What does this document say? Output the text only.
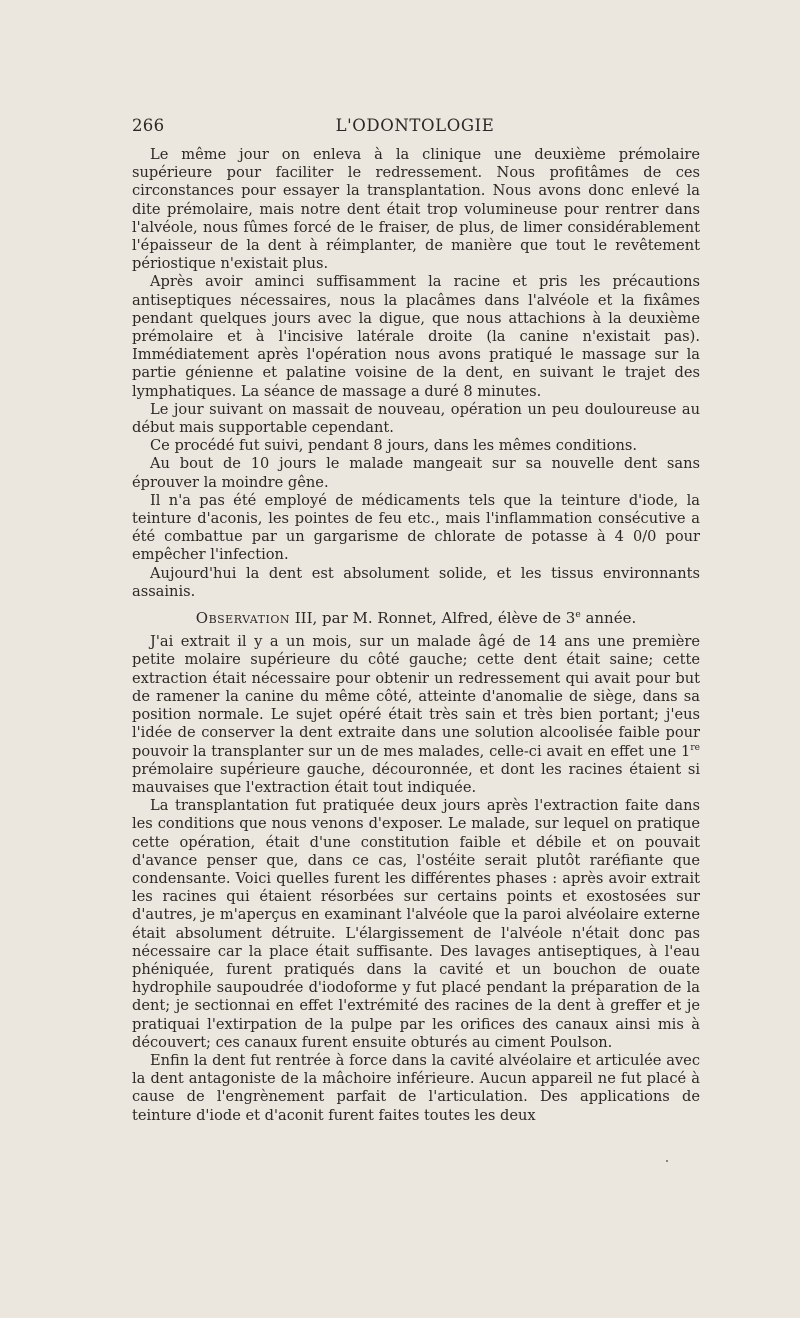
266	L'ODONTOLOGIE

Le même jour on enleva à la clinique une deuxième prémolaire supérieure pour faciliter le redressement. Nous profitâmes de ces circonstances pour essayer la transplantation. Nous avons donc enlevé la dite prémolaire, mais notre dent était trop volumineuse pour rentrer dans l'alvéole, nous fûmes forcé de le fraiser, de plus, de limer considérablement l'épaisseur de la dent à réimplanter, de manière que tout le revêtement périostique n'existait plus.

Après avoir aminci suffisamment la racine et pris les précautions antiseptiques nécessaires, nous la placâmes dans l'alvéole et la fixâmes pendant quelques jours avec la digue, que nous attachions à la deuxième prémolaire et à l'incisive latérale droite (la canine n'existait pas). Immédiatement après l'opération nous avons pratiqué le massage sur la partie génienne et palatine voisine de la dent, en suivant le trajet des lymphatiques. La séance de massage a duré 8 minutes.

Le jour suivant on massait de nouveau, opération un peu douloureuse au début mais supportable cependant.

Ce procédé fut suivi, pendant 8 jours, dans les mêmes conditions.

Au bout de 10 jours le malade mangeait sur sa nouvelle dent sans éprouver la moindre gêne.

Il n'a pas été employé de médicaments tels que la teinture d'iode, la teinture d'aconis, les pointes de feu etc., mais l'inflammation consécutive a été combattue par un gargarisme de chlorate de potasse à 4 0/0 pour empêcher l'infection.

Aujourd'hui la dent est absolument solide, et les tissus environnants assainis.

Observation III, par M. Ronnet, Alfred, élève de 3e année.

J'ai extrait il y a un mois, sur un malade âgé de 14 ans une première petite molaire supérieure du côté gauche; cette dent était saine; cette extraction était nécessaire pour obtenir un redressement qui avait pour but de ramener la canine du même côté, atteinte d'anomalie de siège, dans sa position normale. Le sujet opéré était très sain et très bien portant; j'eus l'idée de conserver la dent extraite dans une solution alcoolisée faible pour pouvoir la transplanter sur un de mes malades, celle-ci avait en effet une 1re prémolaire supérieure gauche, découronnée, et dont les racines étaient si mauvaises que l'extraction était tout indiquée.

La transplantation fut pratiquée deux jours après l'extraction faite dans les conditions que nous venons d'exposer. Le malade, sur lequel on pratique cette opération, était d'une constitution faible et débile et on pouvait d'avance penser que, dans ce cas, l'ostéite serait plutôt raréfiante que condensante. Voici quelles furent les différentes phases : après avoir extrait les racines qui étaient résorbées sur certains points et exostosées sur d'autres, je m'aperçus en examinant l'alvéole que la paroi alvéolaire externe était absolument détruite. L'élargissement de l'alvéole n'était donc pas nécessaire car la place était suffisante. Des lavages antiseptiques, à l'eau phéniquée, furent pratiqués dans la cavité et un bouchon de ouate hydrophile saupoudrée d'iodoforme y fut placé pendant la préparation de la dent; je sectionnai en effet l'extrémité des racines de la dent à greffer et je pratiquai l'extirpation de la pulpe par les orifices des canaux ainsi mis à découvert; ces canaux furent ensuite obturés au ciment Poulson.

Enfin la dent fut rentrée à force dans la cavité alvéolaire et articulée avec la dent antagoniste de la mâchoire inférieure. Aucun appareil ne fut placé à cause de l'engrènement parfait de l'articulation. Des applications de teinture d'iode et d'aconit furent faites toutes les deux
